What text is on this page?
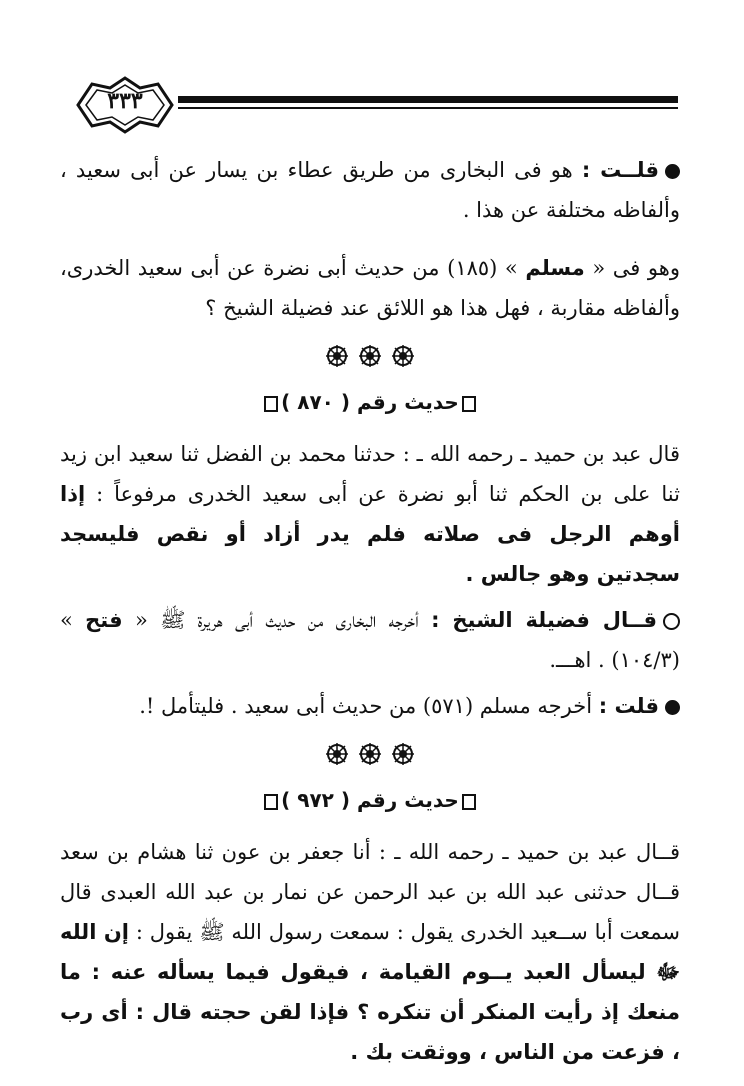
٣٣٣

قلــت : هو فى البخارى من طريق عطاء بن يسار عن أبى سعيد ، وألفاظه مختلفة عن هذا .

وهو فى « مسلم » (١٨٥) من حديث أبى نضرة عن أبى سعيد الخدرى، وألفاظه مقاربة ، فهل هذا هو اللائق عند فضيلة الشيخ ؟

حديث رقم ( ٨٧٠ )

قال عبد بن حميد ـ رحمه الله ـ : حدثنا محمد بن الفضل ثنا سعيد ابن زيد ثنا على بن الحكم ثنا أبو نضرة عن أبى سعيد الخدرى مرفوعاً : إذا أوهم الرجل فى صلاته فلم يدر أزاد أو نقص فليسجد سجدتين وهو جالس .

قــال فضيلة الشيخ : أخرجه البخارى من حديث أبى هريرة ﷺ « فتح » (١٠٤/٣) . اهـــ.

قلت : أخرجه مسلم (٥٧١) من حديث أبى سعيد . فليتأمل !.

حديث رقم ( ٩٧٢ )

قــال عبد بن حميد ـ رحمه الله ـ : أنا جعفر بن عون ثنا هشام بن سعد قــال حدثنى عبد الله بن عبد الرحمن عن نمار بن عبد الله العبدى قال سمعت أبا ســعيد الخدرى يقول : سمعت رسول الله ﷺ يقول : إن الله ﷻ ليسأل العبد يــوم القيامة ، فيقول فيما يسأله عنه : ما منعك إذ رأيت المنكر أن تنكره ؟ فإذا لقن حجته قال : أى رب ، فزعت من الناس ، ووثقت بك .
